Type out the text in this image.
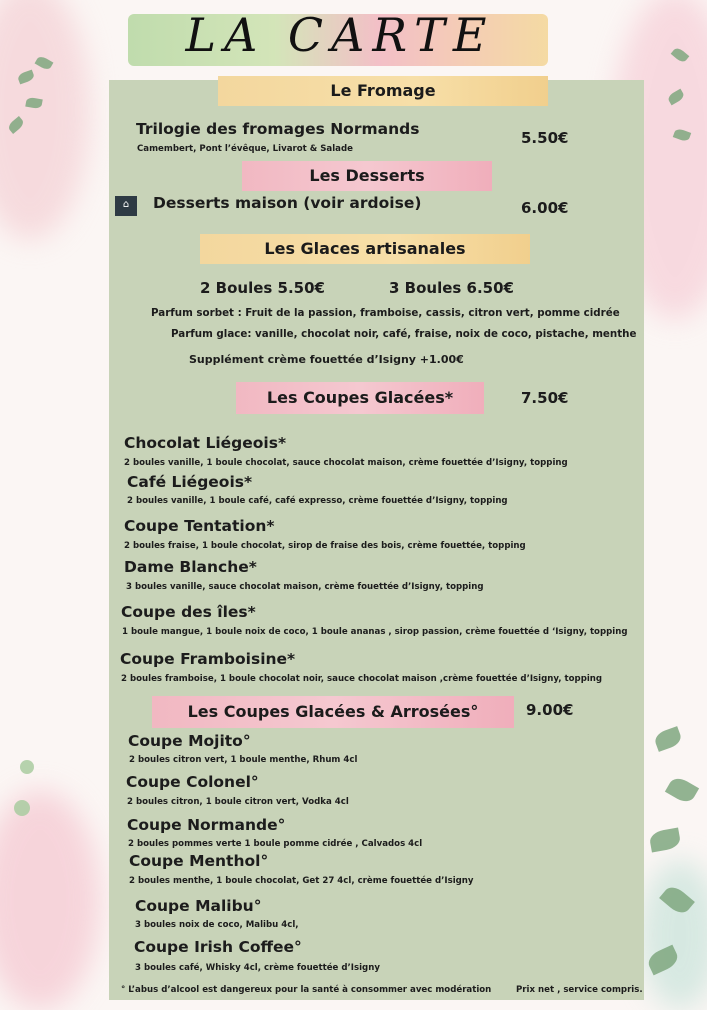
LA CARTE
Le Fromage
Trilogie des fromages Normands
Camembert, Pont l’évêque, Livarot & Salade
5.50€
Les Desserts
⌂	Desserts maison (voir ardoise)	6.00€
Les Glaces artisanales
2 Boules 5.50€	3 Boules 6.50€
Parfum sorbet : Fruit de la passion, framboise, cassis, citron vert, pomme cidrée
Parfum glace: vanille, chocolat noir, café, fraise, noix de coco, pistache, menthe
Supplément crème fouettée d’Isigny +1.00€
Les Coupes Glacées*	7.50€
Chocolat Liégeois*
2 boules vanille, 1 boule chocolat, sauce chocolat maison, crème fouettée d’Isigny, topping
Café Liégeois*
2 boules vanille, 1 boule café, café expresso, crème fouettée d’Isigny, topping
Coupe Tentation*
2 boules fraise, 1 boule chocolat, sirop de fraise des bois, crème fouettée, topping
Dame Blanche*
3 boules vanille, sauce chocolat maison, crème fouettée d’Isigny, topping
Coupe des îles*
1 boule mangue, 1 boule noix de coco, 1 boule ananas , sirop passion, crème fouettée d ‘Isigny, topping
Coupe Framboisine*
2 boules framboise, 1 boule chocolat noir, sauce chocolat maison ,crème fouettée d’Isigny, topping
Les Coupes Glacées & Arrosées°	9.00€
Coupe Mojito°
2 boules citron vert, 1 boule menthe, Rhum 4cl
Coupe Colonel°
2 boules citron, 1 boule citron vert, Vodka 4cl
Coupe Normande°
2 boules pommes verte 1 boule pomme cidrée , Calvados 4cl
Coupe Menthol°
2 boules menthe, 1 boule chocolat, Get 27 4cl, crème fouettée d’Isigny
Coupe Malibu°
3 boules noix de coco, Malibu 4cl,
Coupe Irish Coffee°
3 boules café, Whisky 4cl, crème fouettée d’Isigny
° L’abus d’alcool est dangereux pour la santé à consommer avec modération	Prix net , service compris.
